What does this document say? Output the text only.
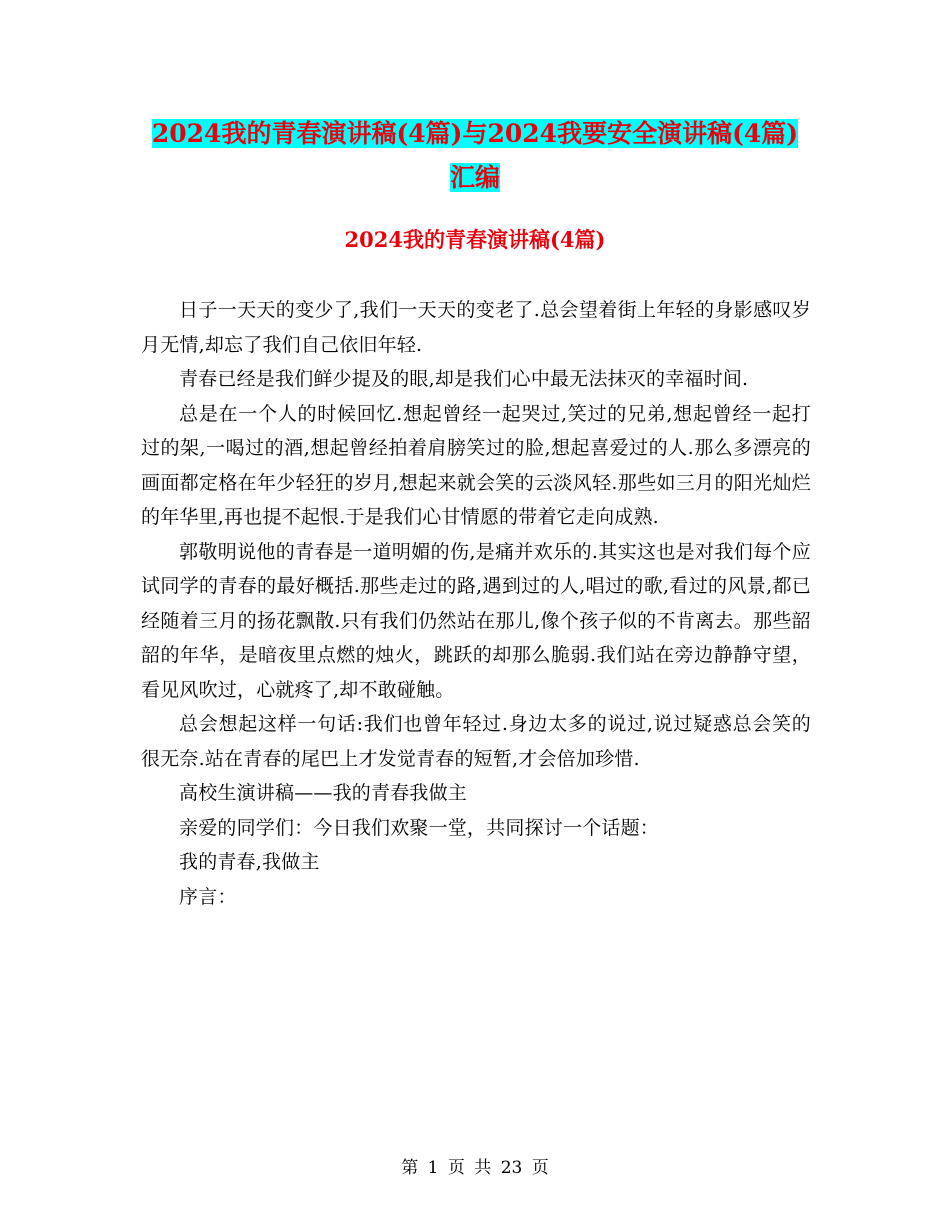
2024我的青春演讲稿(4篇)与2024我要安全演讲稿(4篇)汇编
2024我的青春演讲稿(4篇)

日子一天天的变少了,我们一天天的变老了.总会望着街上年轻的身影感叹岁月无情,却忘了我们自己依旧年轻.

青春已经是我们鲜少提及的眼,却是我们心中最无法抹灭的幸福时间.

总是在一个人的时候回忆.想起曾经一起哭过,笑过的兄弟,想起曾经一起打过的架,一喝过的酒,想起曾经拍着肩膀笑过的脸,想起喜爱过的人.那么多漂亮的画面都定格在年少轻狂的岁月,想起来就会笑的云淡风轻.那些如三月的阳光灿烂的年华里,再也提不起恨.于是我们心甘情愿的带着它走向成熟.

郭敬明说他的青春是一道明媚的伤,是痛并欢乐的.其实这也是对我们每个应试同学的青春的最好概括.那些走过的路,遇到过的人,唱过的歌,看过的风景,都已经随着三月的扬花飘散.只有我们仍然站在那儿,像个孩子似的不肯离去。那些韶韶的年华，是暗夜里点燃的烛火，跳跃的却那么脆弱.我们站在旁边静静守望，看见风吹过，心就疼了,却不敢碰触。

总会想起这样一句话:我们也曾年轻过.身边太多的说过,说过疑惑总会笑的很无奈.站在青春的尾巴上才发觉青春的短暂,才会倍加珍惜.

高校生演讲稿——我的青春我做主

亲爱的同学们：今日我们欢聚一堂，共同探讨一个话题：

我的青春,我做主

序言：

第 1 页 共 23 页
